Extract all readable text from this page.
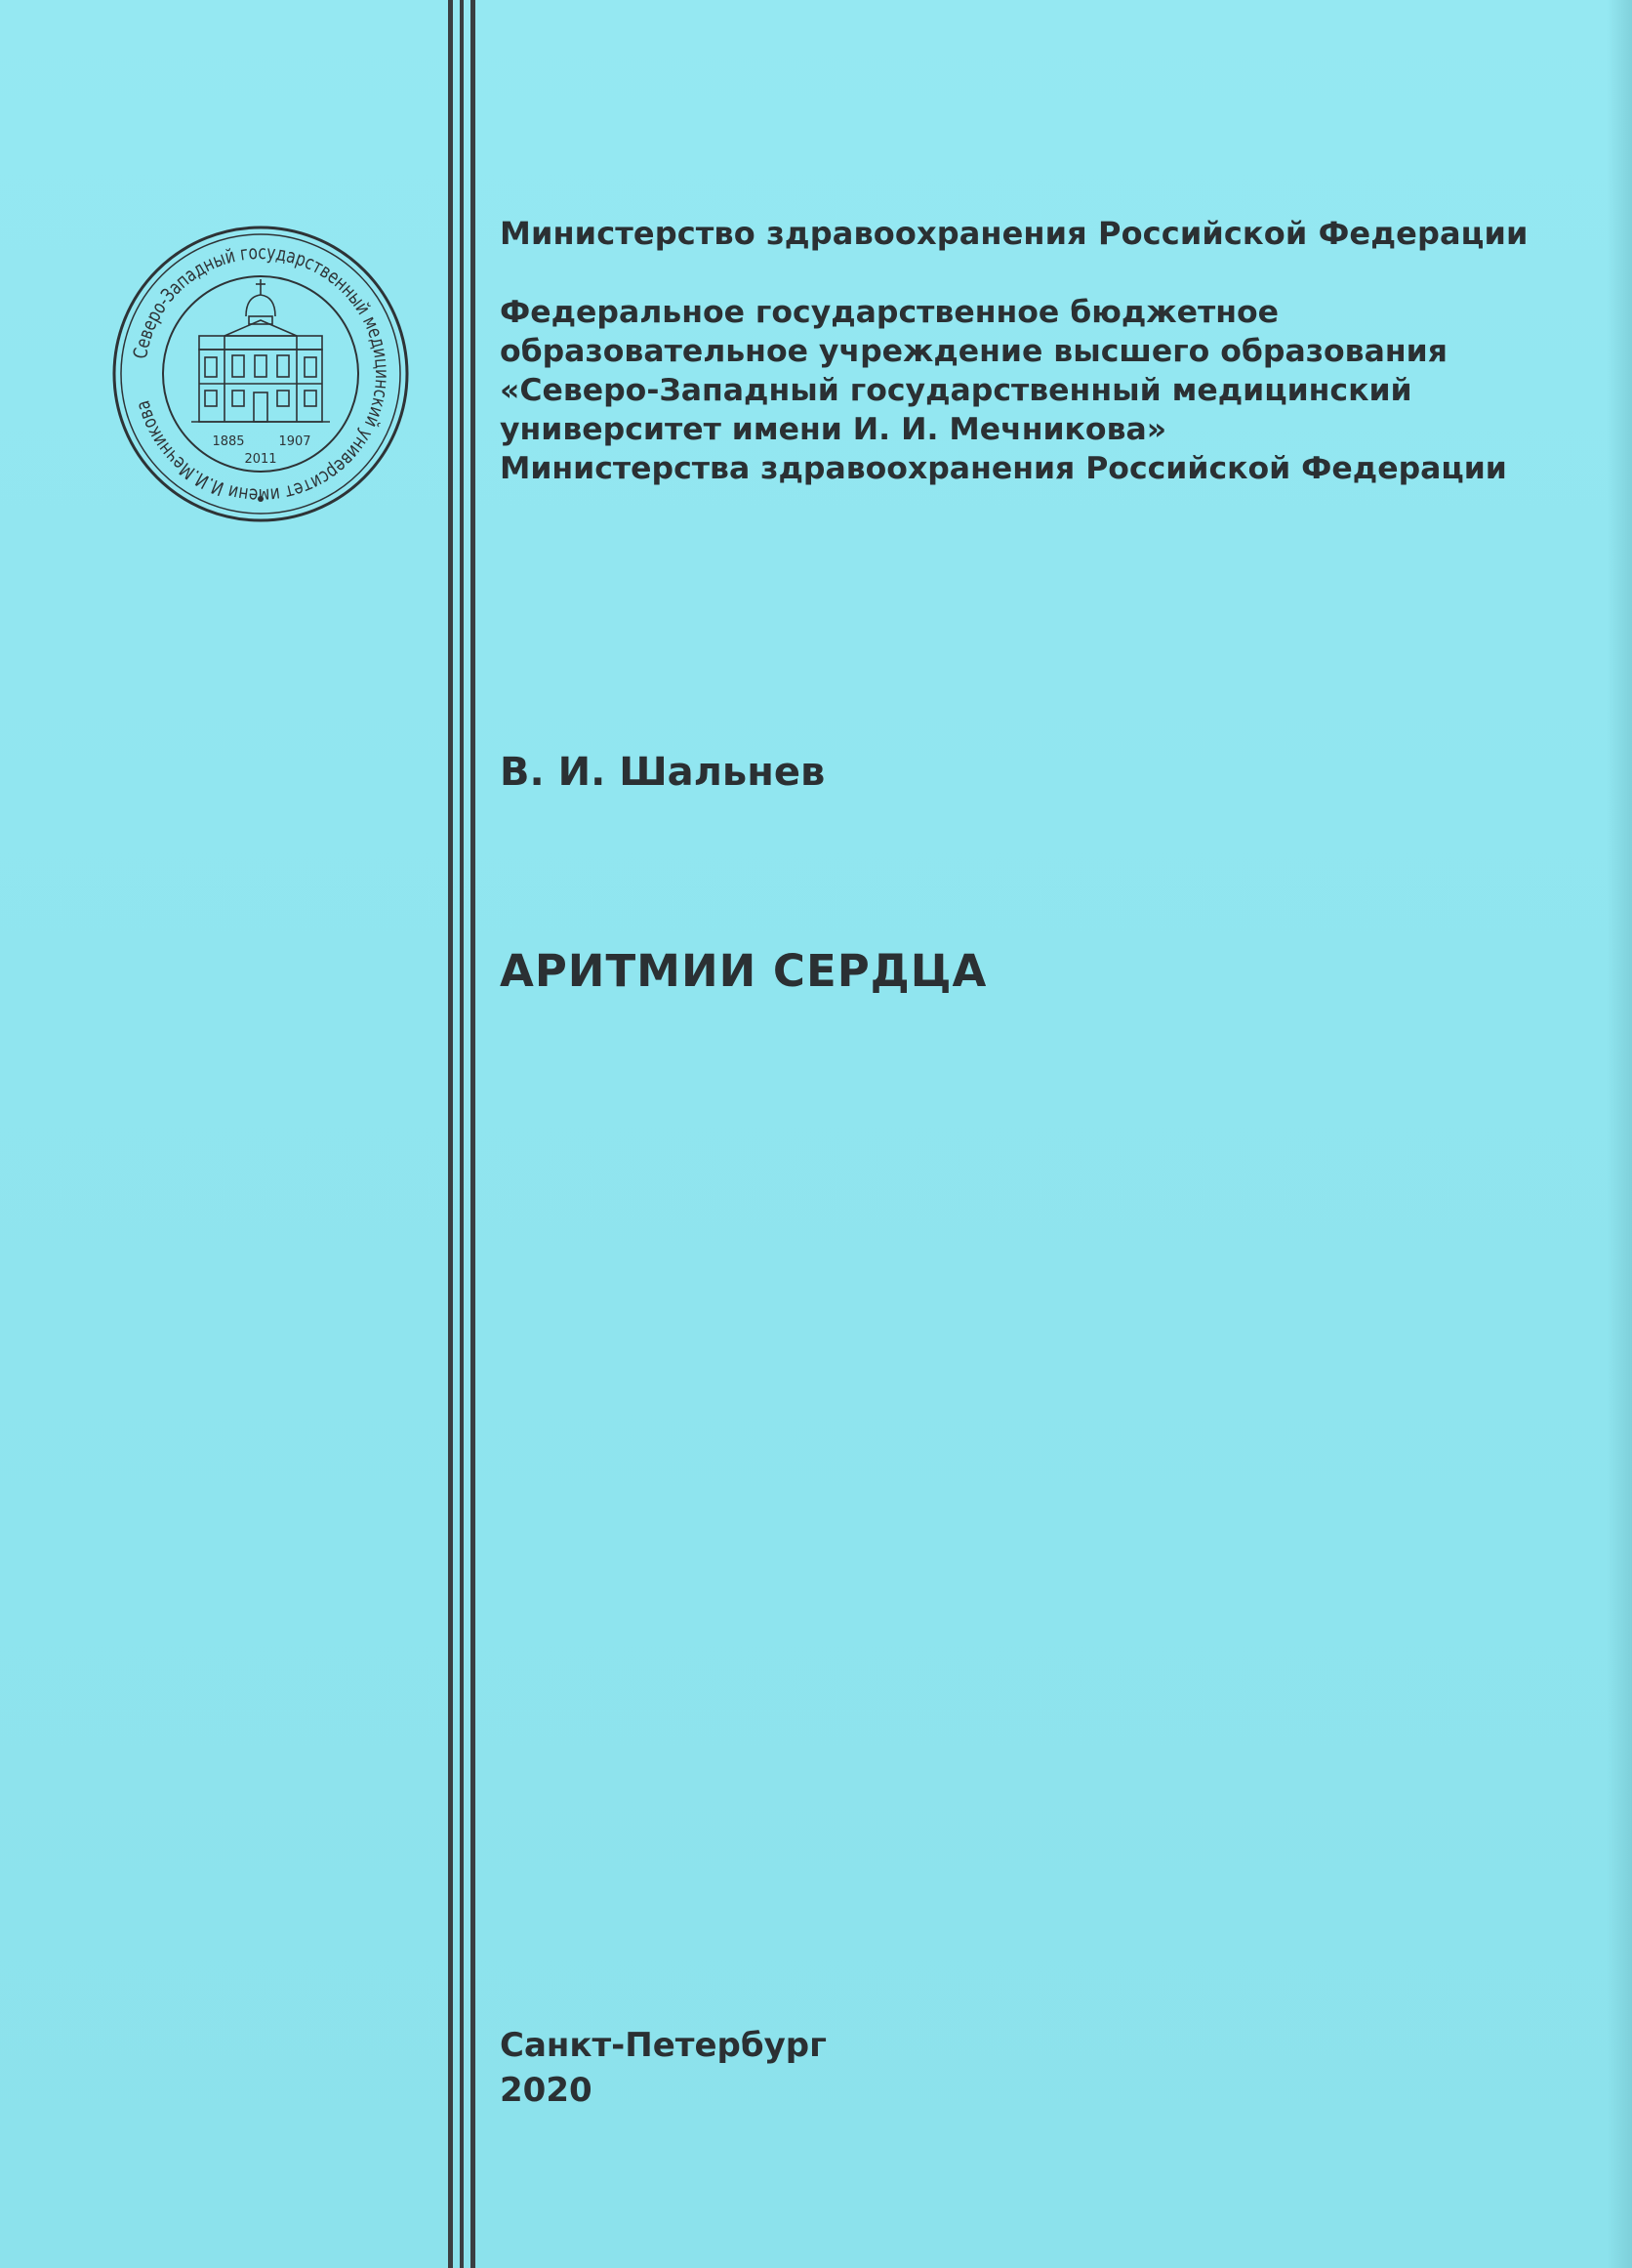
Северо-Западный государственный медицинский университет имени И.И.Мечникова
1885	1907
2011
Министерство здравоохранения Российской Федерации
Федеральное государственное бюджетное
образовательное учреждение высшего образования
«Северо-Западный государственный медицинский
университет имени И. И. Мечникова»
Министерства здравоохранения Российской Федерации
В. И. Шальнев
АРИТМИИ СЕРДЦА
Санкт-Петербург
2020
